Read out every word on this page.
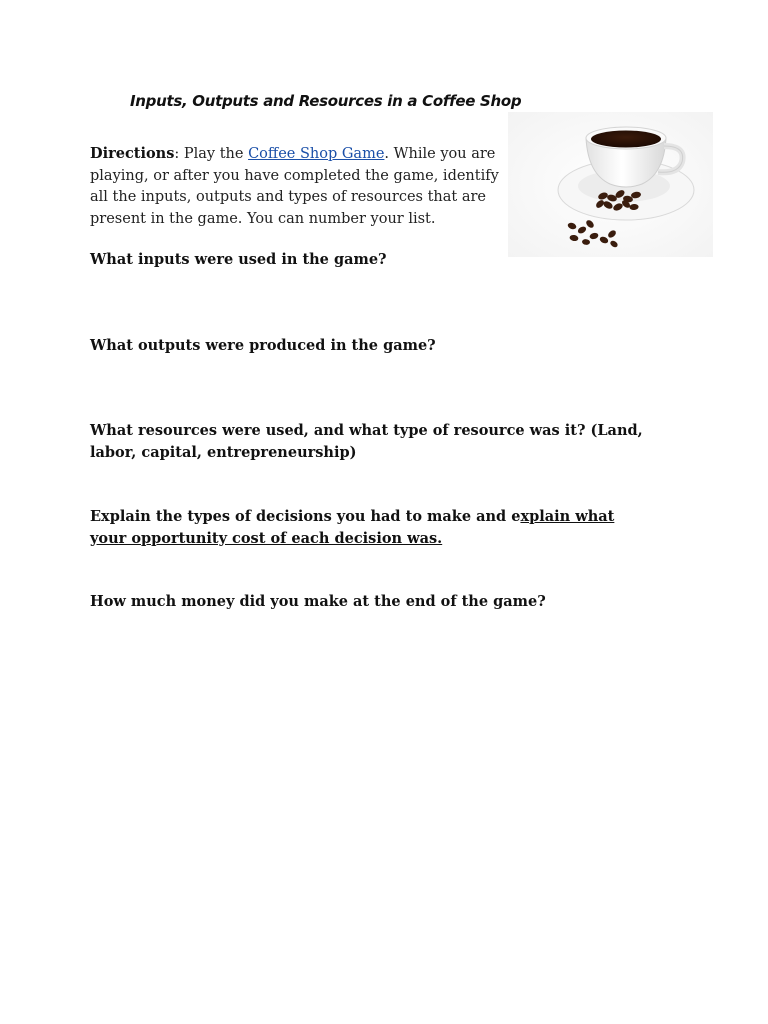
Inputs, Outputs and Resources in a Coffee Shop
Directions: Play the Coffee Shop Game. While you are playing, or after you have completed the game, identify all the inputs, outputs and types of resources that are present in the game. You can number your list.
What inputs were used in the game?
What outputs were produced in the game?
What resources were used, and what type of resource was it? (Land, labor, capital, entrepreneurship)
Explain the types of decisions you had to make and explain what your opportunity cost of each decision was.
How much money did you make at the end of the game?
